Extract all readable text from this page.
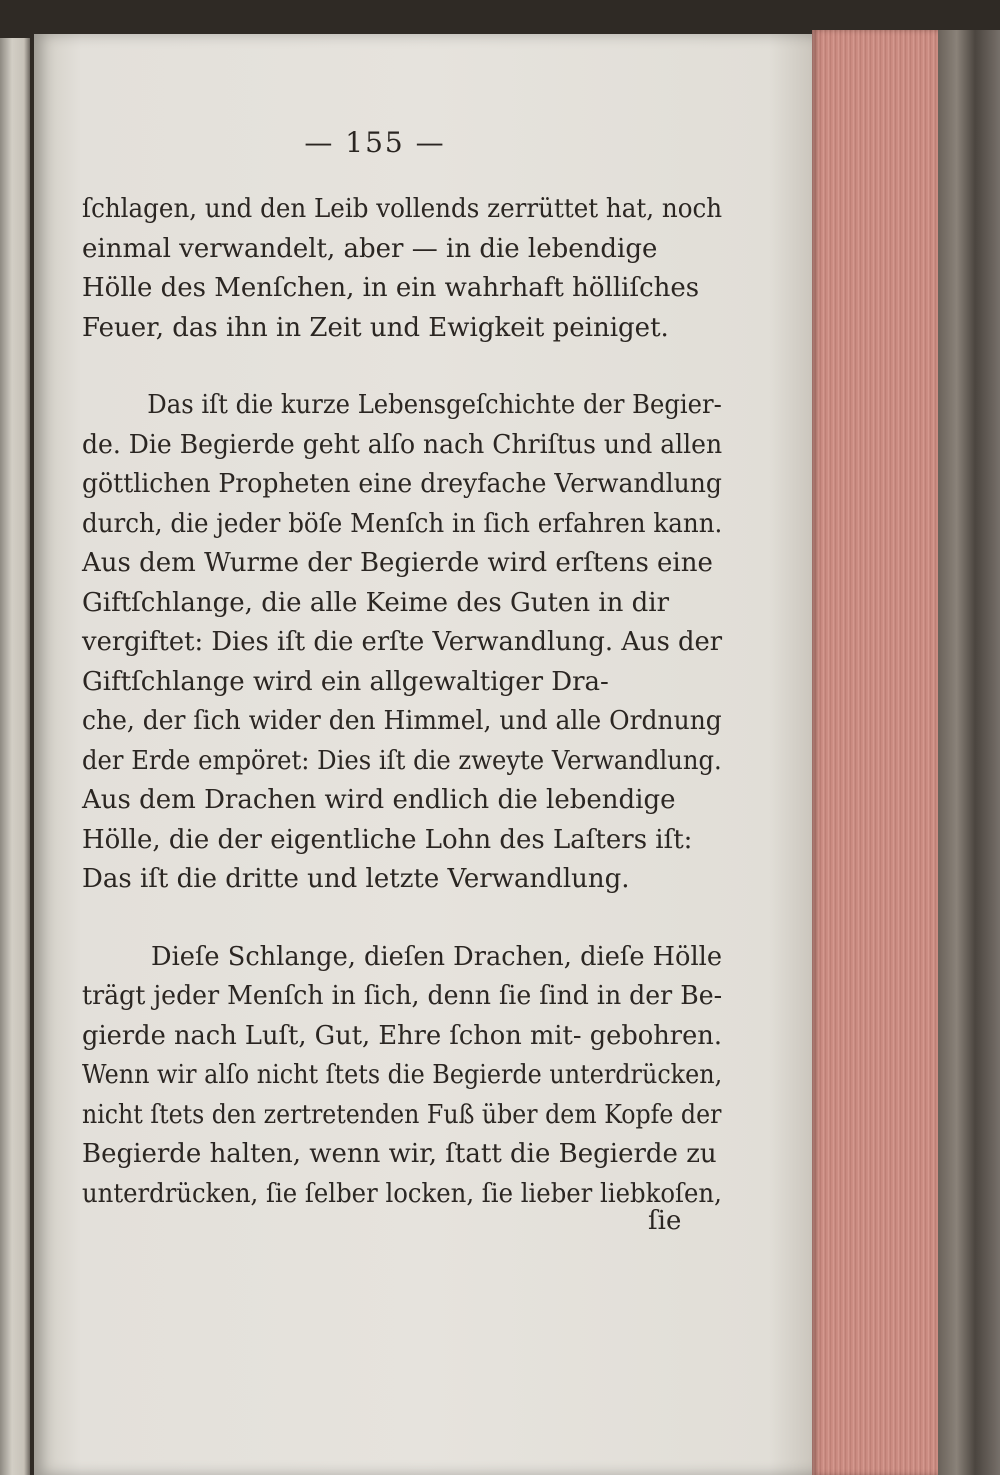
— 155 —
ſchlagen, und den Leib vollends zerrüttet hat, noch
einmal verwandelt, aber — in die lebendige
Hölle des Menſchen, in ein wahrhaft hölliſches
Feuer, das ihn in Zeit und Ewigkeit peiniget.
Das iſt die kurze Lebensgeſchichte der Begier-
de. Die Begierde geht alſo nach Chriſtus und allen
göttlichen Propheten eine dreyfache Verwandlung
durch, die jeder böſe Menſch in ſich erfahren kann.
Aus dem Wurme der Begierde wird erſtens eine
Giftſchlange, die alle Keime des Guten in dir
vergiftet: Dies iſt die erſte Verwandlung. Aus der
Giftſchlange wird ein allgewaltiger Dra-
che, der ſich wider den Himmel, und alle Ordnung
der Erde empöret: Dies iſt die zweyte Verwandlung.
Aus dem Drachen wird endlich die lebendige
Hölle, die der eigentliche Lohn des Laſters iſt:
Das iſt die dritte und letzte Verwandlung.
Dieſe Schlange, dieſen Drachen, dieſe Hölle
trägt jeder Menſch in ſich, denn ſie ſind in der Be-
gierde nach Luſt, Gut, Ehre ſchon mit- gebohren.
Wenn wir alſo nicht ſtets die Begierde unterdrücken,
nicht ſtets den zertretenden Fuß über dem Kopfe der
Begierde halten, wenn wir, ſtatt die Begierde zu
unterdrücken, ſie ſelber locken, ſie lieber liebkoſen,
ſie
